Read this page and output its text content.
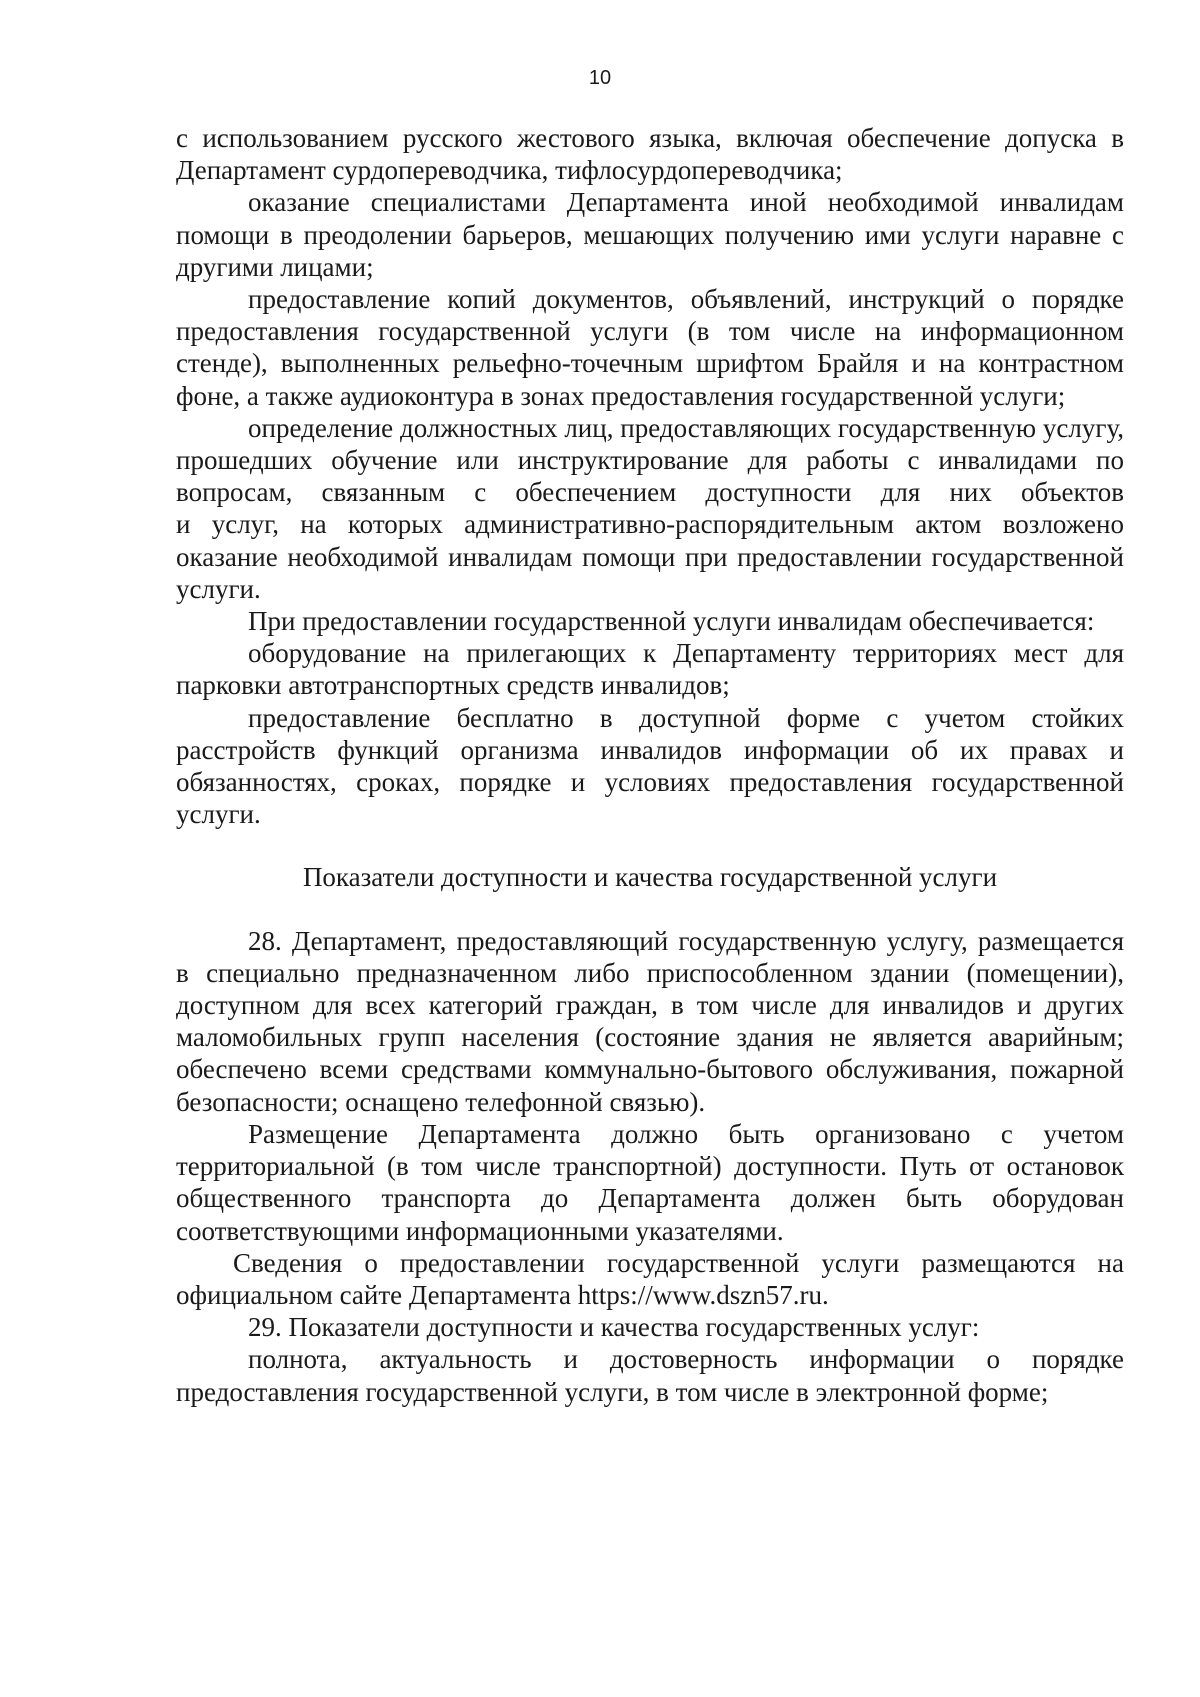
10

с использованием русского жестового языка, включая обеспечение допуска в Департамент сурдопереводчика, тифлосурдопереводчика;

оказание специалистами Департамента иной необходимой инвалидам помощи в преодолении барьеров, мешающих получению ими услуги наравне с другими лицами;

предоставление копий документов, объявлений, инструкций о порядке предоставления государственной услуги (в том числе на информационном стенде), выполненных рельефно-точечным шрифтом Брайля и на контрастном фоне, а также аудиоконтура в зонах предоставления государственной услуги;

определение должностных лиц, предоставляющих государственную услугу, прошедших обучение или инструктирование для работы с инвалидами по вопросам, связанным с обеспечением доступности для них объектов

и услуг, на которых административно-распорядительным актом возложено оказание необходимой инвалидам помощи при предоставлении государственной услуги.

При предоставлении государственной услуги инвалидам обеспечивается:

оборудование на прилегающих к Департаменту территориях мест для парковки автотранспортных средств инвалидов;

предоставление бесплатно в доступной форме с учетом стойких расстройств функций организма инвалидов информации об их правах и обязанностях, сроках, порядке и условиях предоставления государственной услуги.

Показатели доступности и качества государственной услуги

28. Департамент, предоставляющий государственную услугу, размещается в специально предназначенном либо приспособленном здании (помещении), доступном для всех категорий граждан, в том числе для инвалидов и других маломобильных групп населения (состояние здания не является аварийным; обеспечено всеми средствами коммунально-бытового обслуживания, пожарной безопасности; оснащено телефонной связью).

Размещение Департамента должно быть организовано с учетом территориальной (в том числе транспортной) доступности. Путь от остановок общественного транспорта до Департамента должен быть оборудован соответствующими информационными указателями.

Сведения о предоставлении государственной услуги размещаются на официальном сайте Департамента https://www.dszn57.ru.

29. Показатели доступности и качества государственных услуг:

полнота, актуальность и достоверность информации о порядке предоставления государственной услуги, в том числе в электронной форме;
